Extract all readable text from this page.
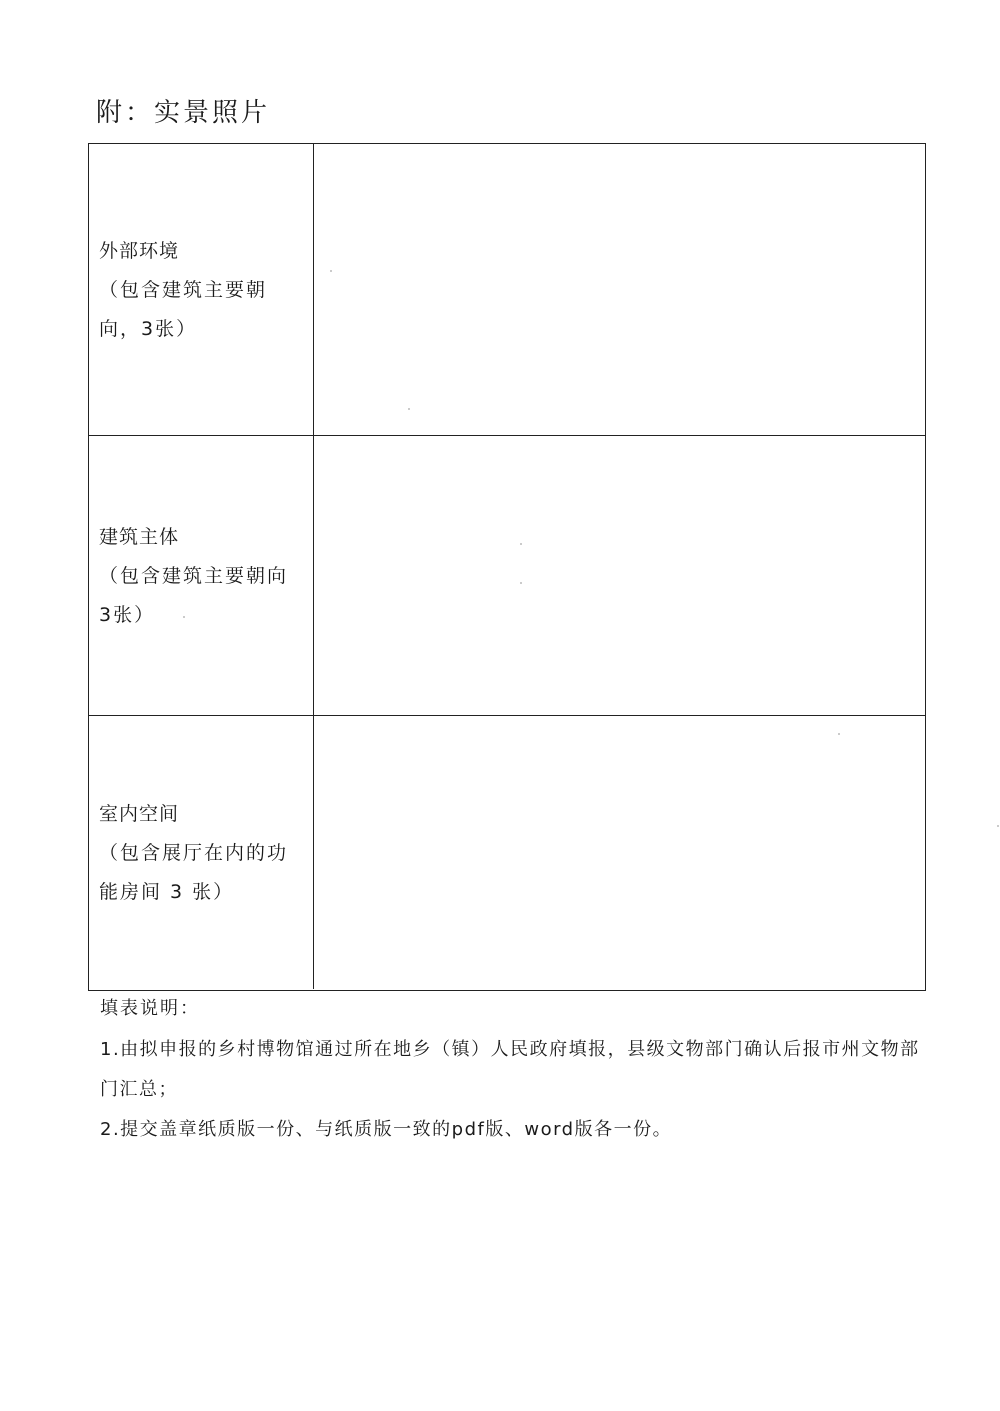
附：实景照片
外部环境
（包含建筑主要朝向，3张）
建筑主体
（包含建筑主要朝向 3张）
室内空间
（包含展厅在内的功能房间 3 张）
填表说明：
1.由拟申报的乡村博物馆通过所在地乡（镇）人民政府填报，县级文物部门确认后报市州文物部门汇总；
2.提交盖章纸质版一份、与纸质版一致的pdf版、word版各一份。
